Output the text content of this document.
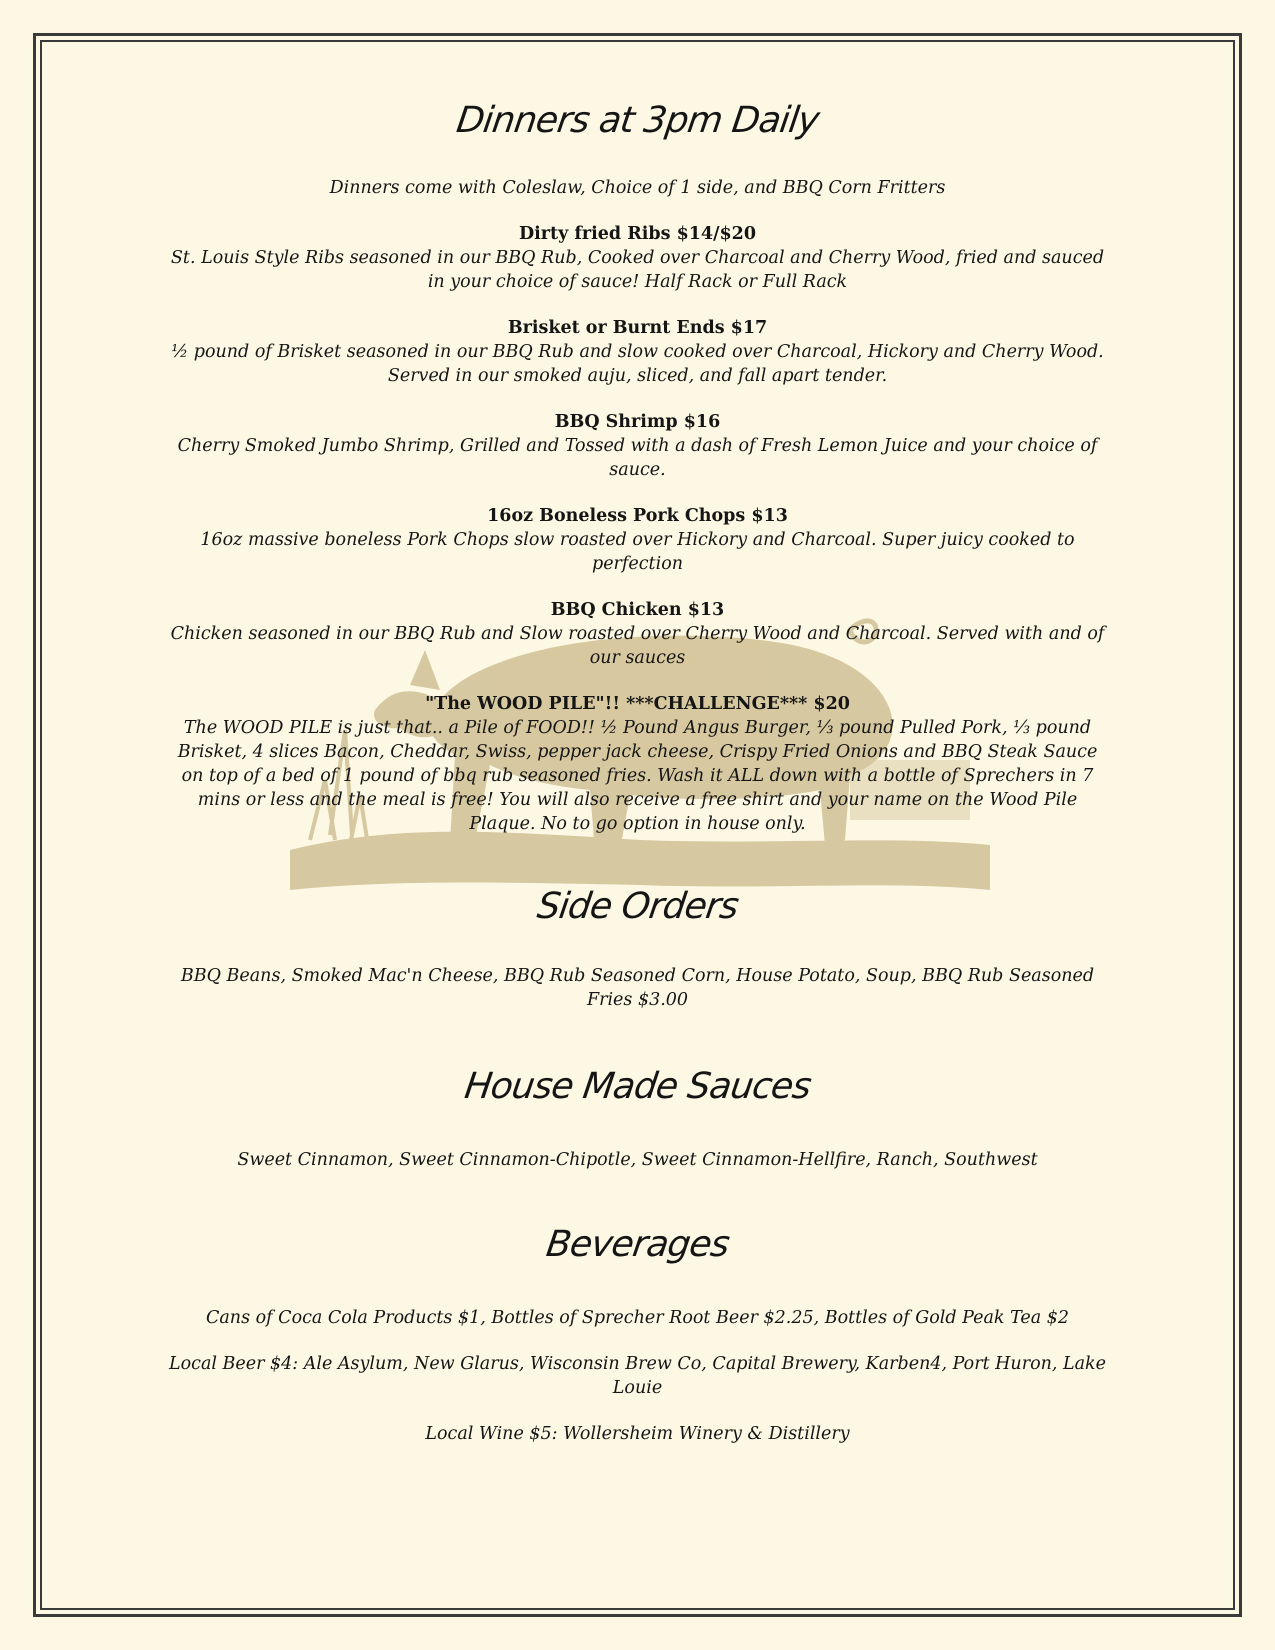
Dinners at 3pm Daily

Dinners come with Coleslaw, Choice of 1 side, and BBQ Corn Fritters

Dirty fried Ribs $14/$20

St. Louis Style Ribs seasoned in our BBQ Rub, Cooked over Charcoal and Cherry Wood, fried and sauced in your choice of sauce! Half Rack or Full Rack

Brisket or Burnt Ends $17

½ pound of Brisket seasoned in our BBQ Rub and slow cooked over Charcoal, Hickory and Cherry Wood. Served in our smoked auju, sliced, and fall apart tender.

BBQ Shrimp $16

Cherry Smoked Jumbo Shrimp, Grilled and Tossed with a dash of Fresh Lemon Juice and your choice of sauce.

16oz Boneless Pork Chops $13

16oz massive boneless Pork Chops slow roasted over Hickory and Charcoal. Super juicy cooked to perfection

BBQ Chicken $13

Chicken seasoned in our BBQ Rub and Slow roasted over Cherry Wood and Charcoal. Served with and of our sauces

"The WOOD PILE"!! ***CHALLENGE*** $20

The WOOD PILE is just that.. a Pile of FOOD!! ½ Pound Angus Burger, ⅓ pound Pulled Pork, ⅓ pound Brisket, 4 slices Bacon, Cheddar, Swiss, pepper jack cheese, Crispy Fried Onions and BBQ Steak Sauce on top of a bed of 1 pound of bbq rub seasoned fries. Wash it ALL down with a bottle of Sprechers in 7 mins or less and the meal is free! You will also receive a free shirt and your name on the Wood Pile Plaque. No to go option in house only.

Side Orders

BBQ Beans, Smoked Mac'n Cheese, BBQ Rub Seasoned Corn, House Potato, Soup, BBQ Rub Seasoned Fries $3.00

House Made Sauces

Sweet Cinnamon, Sweet Cinnamon-Chipotle, Sweet Cinnamon-Hellfire, Ranch, Southwest

Beverages

Cans of Coca Cola Products $1, Bottles of Sprecher Root Beer $2.25, Bottles of Gold Peak Tea $2

Local Beer $4: Ale Asylum, New Glarus, Wisconsin Brew Co, Capital Brewery, Karben4, Port Huron, Lake Louie

Local Wine $5: Wollersheim Winery & Distillery
